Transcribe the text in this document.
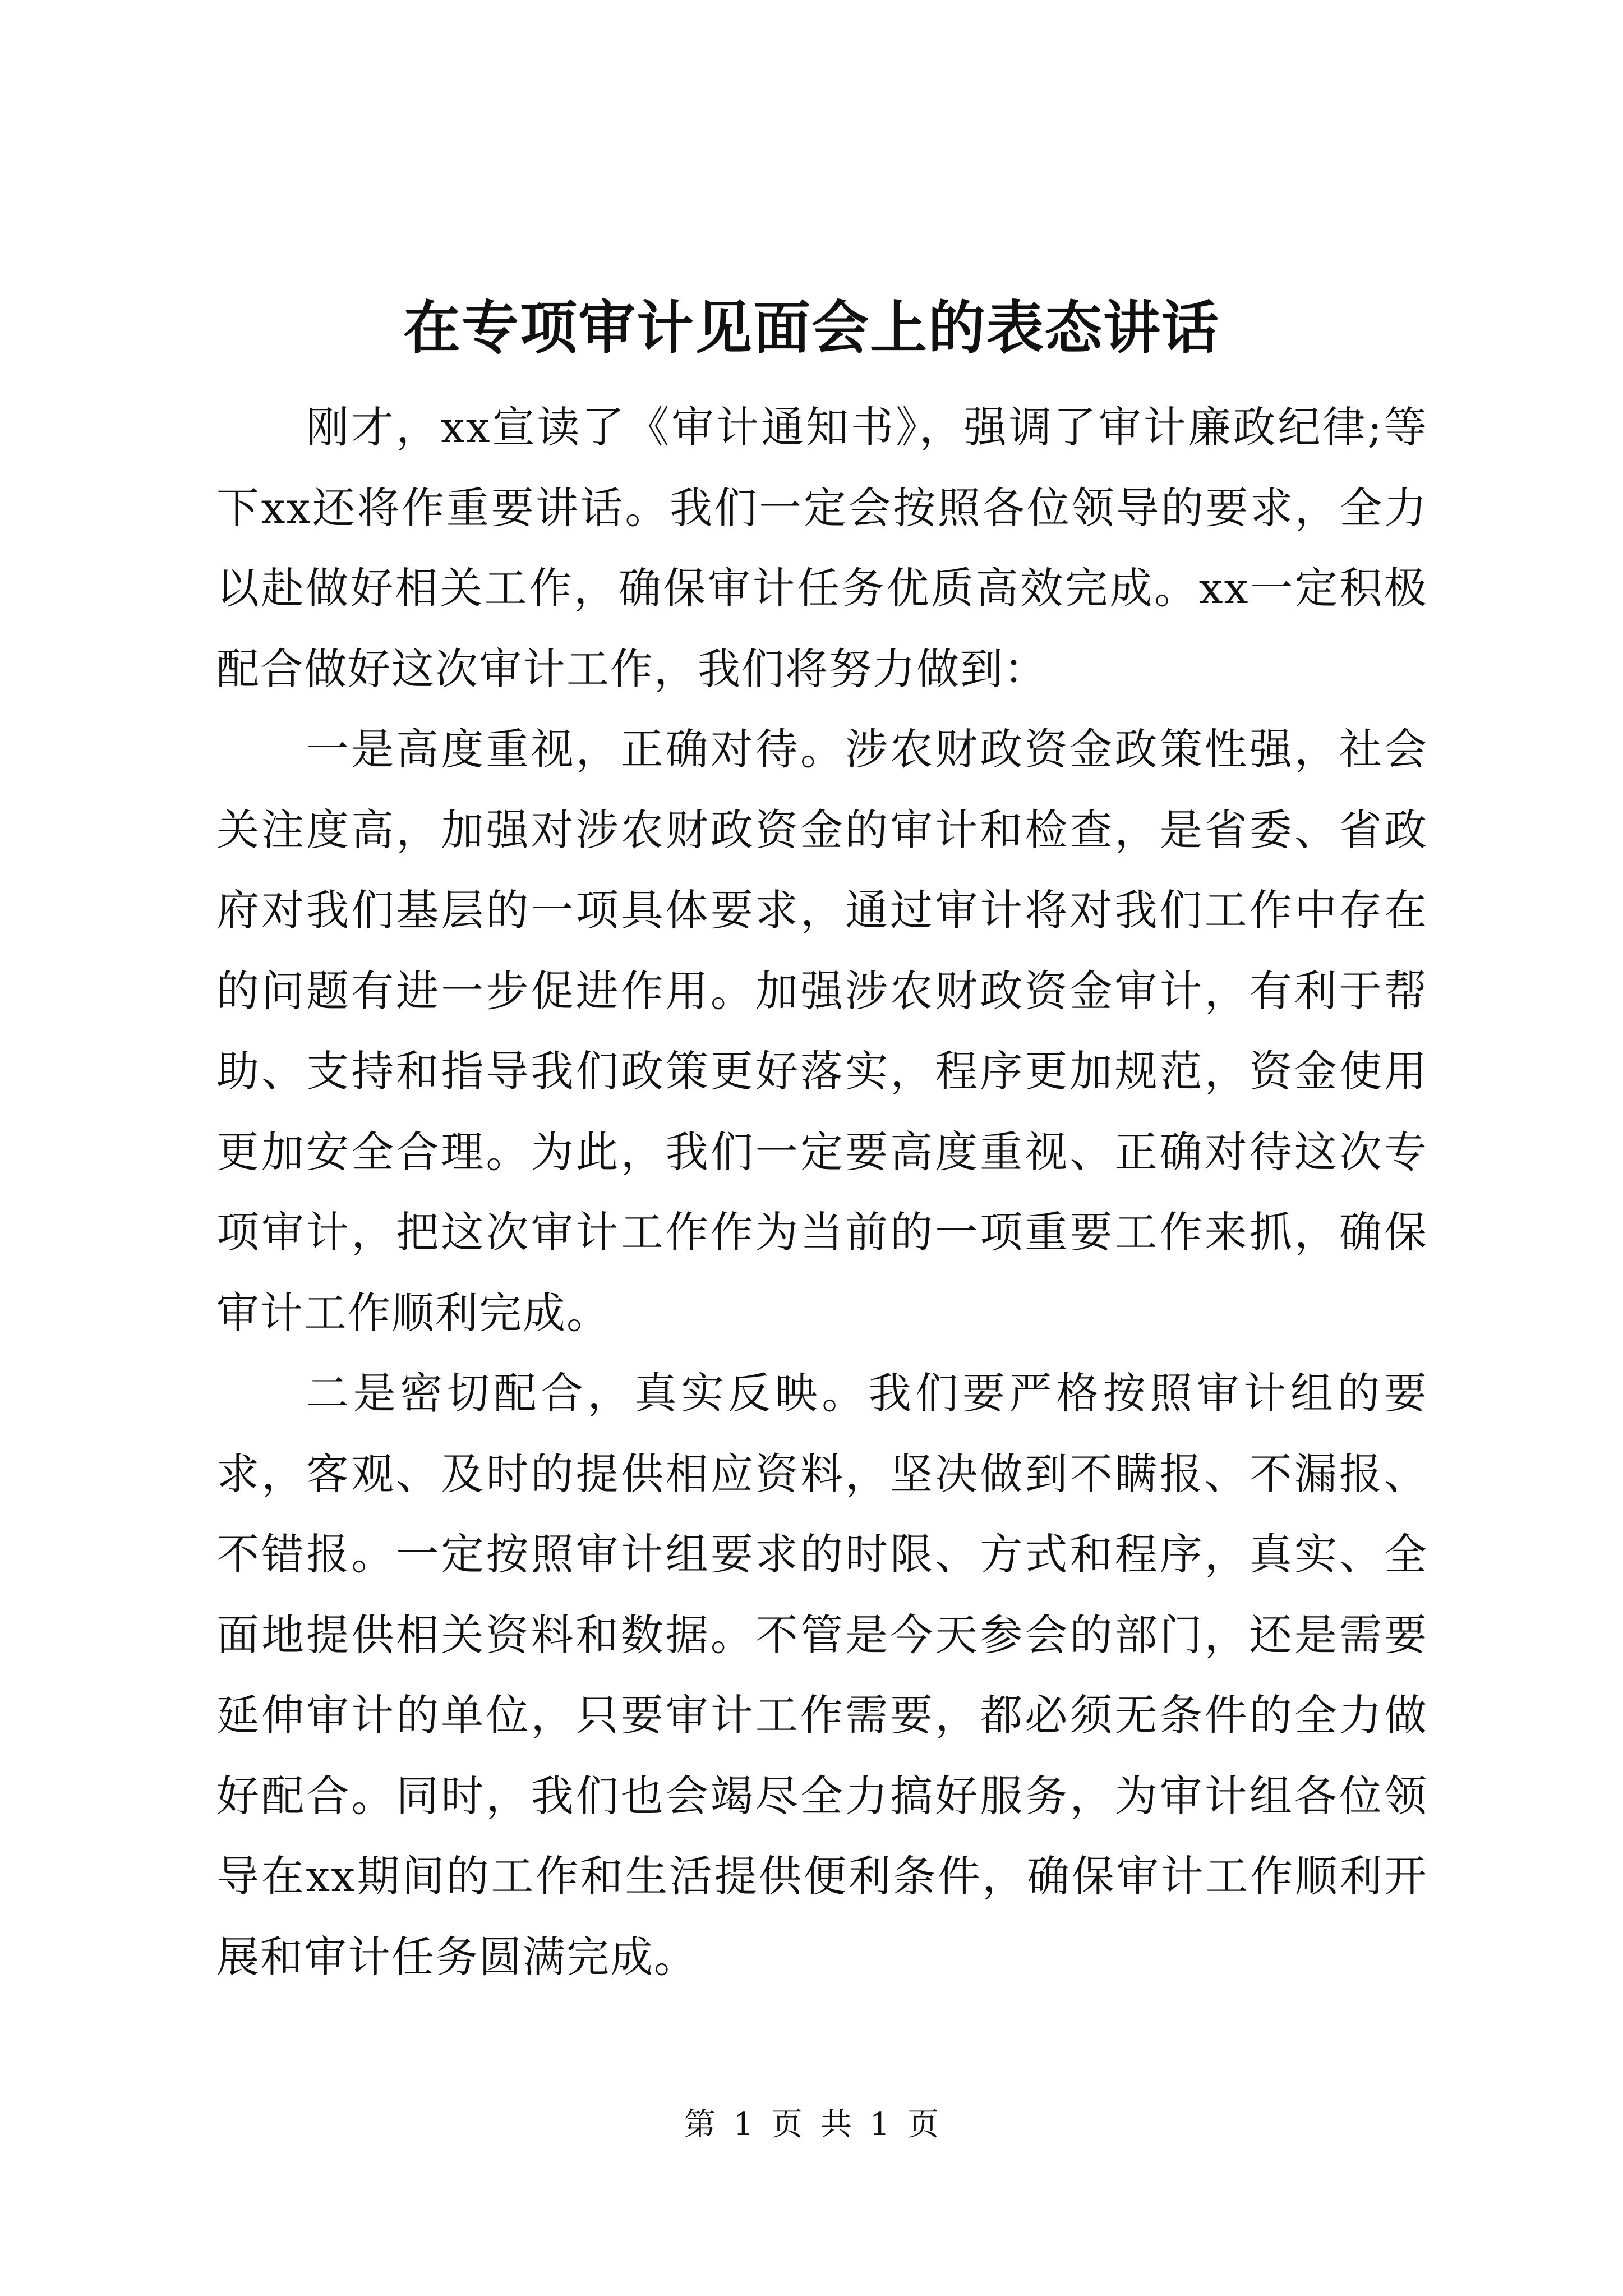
在专项审计见面会上的表态讲话

刚才，xx宣读了《审计通知书》，强调了审计廉政纪律;等下xx还将作重要讲话。我们一定会按照各位领导的要求，全力以赴做好相关工作，确保审计任务优质高效完成。xx一定积极配合做好这次审计工作，我们将努力做到：

一是高度重视，正确对待。涉农财政资金政策性强，社会关注度高，加强对涉农财政资金的审计和检查，是省委、省政府对我们基层的一项具体要求，通过审计将对我们工作中存在的问题有进一步促进作用。加强涉农财政资金审计，有利于帮助、支持和指导我们政策更好落实，程序更加规范，资金使用更加安全合理。为此，我们一定要高度重视、正确对待这次专项审计，把这次审计工作作为当前的一项重要工作来抓，确保审计工作顺利完成。

二是密切配合，真实反映。我们要严格按照审计组的要求，客观、及时的提供相应资料，坚决做到不瞒报、不漏报、不错报。一定按照审计组要求的时限、方式和程序，真实、全面地提供相关资料和数据。不管是今天参会的部门，还是需要延伸审计的单位，只要审计工作需要，都必须无条件的全力做好配合。同时，我们也会竭尽全力搞好服务，为审计组各位领导在xx期间的工作和生活提供便利条件，确保审计工作顺利开展和审计任务圆满完成。

第 1 页 共 1 页
